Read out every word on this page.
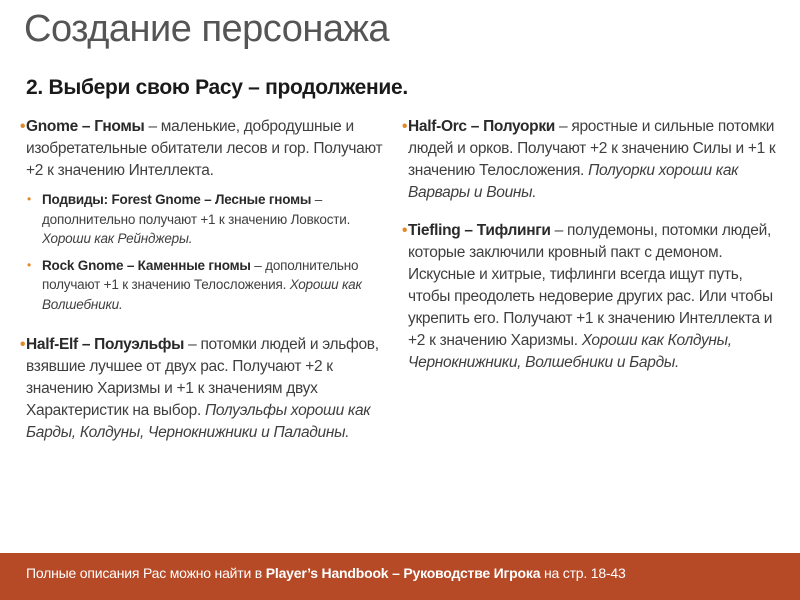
Создание персонажа
2. Выбери свою Расу – продолжение.
• Gnome – Гномы – маленькие, добродушные и изобретательные обитатели лесов и гор. Получают +2 к значению Интеллекта.
• Подвиды: Forest Gnome – Лесные гномы – дополнительно получают +1 к значению Ловкости. Хороши как Рейнджеры.
• Rock Gnome – Каменные гномы – дополнительно получают +1 к значению Телосложения. Хороши как Волшебники.
• Half-Elf – Полуэльфы – потомки людей и эльфов, взявшие лучшее от двух рас. Получают +2 к значению Харизмы и +1 к значениям двух Характеристик на выбор. Полуэльфы хороши как Барды, Колдуны, Чернокнижники и Паладины.
• Half-Orc – Полуорки – яростные и сильные потомки людей и орков. Получают +2 к значению Силы и +1 к значению Телосложения. Полуорки хороши как Варвары и Воины.
• Tiefling – Тифлинги – полудемоны, потомки людей, которые заключили кровный пакт с демоном. Искусные и хитрые, тифлинги всегда ищут путь, чтобы преодолеть недоверие других рас. Или чтобы укрепить его. Получают +1 к значению Интеллекта и +2 к значению Харизмы. Хороши как Колдуны, Чернокнижники, Волшебники и Барды.
Полные описания Рас можно найти в Player’s Handbook – Руководстве Игрока на стр. 18-43
